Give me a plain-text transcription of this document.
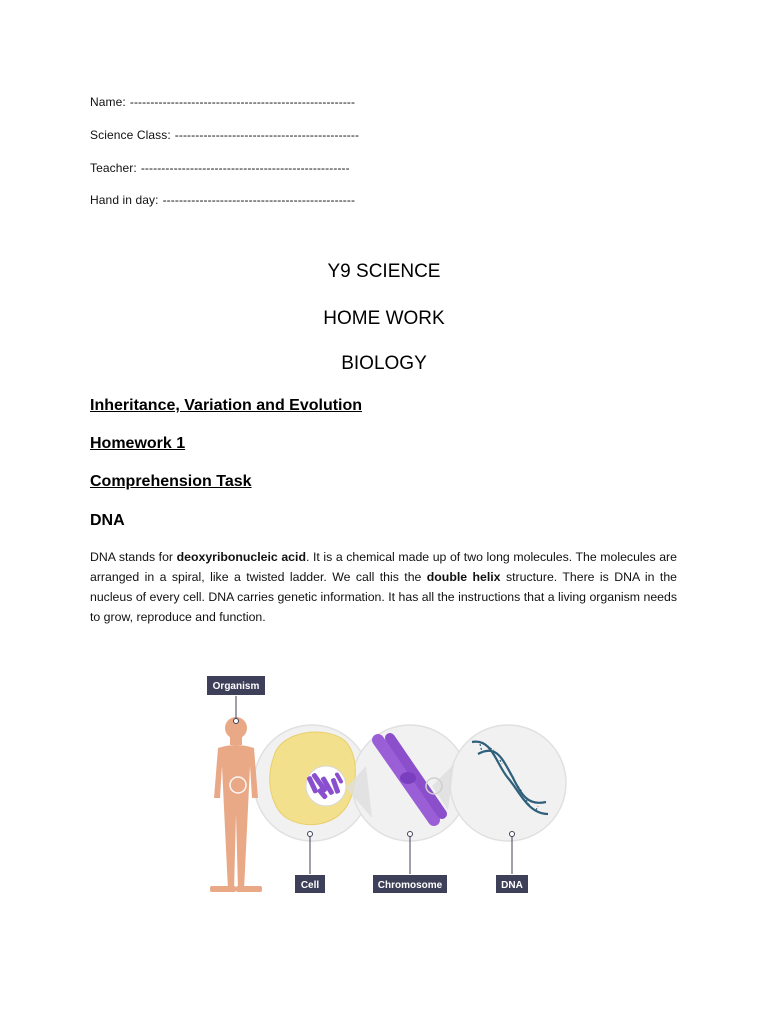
Name: -------------------------------------------------------
Science Class: ---------------------------------------------
Teacher: ---------------------------------------------------
Hand in day: -----------------------------------------------
Y9 SCIENCE
HOME WORK
BIOLOGY
Inheritance, Variation and Evolution
Homework 1
Comprehension Task
DNA
DNA stands for deoxyribonucleic acid. It is a chemical made up of two long molecules. The molecules are arranged in a spiral, like a twisted ladder. We call this the double helix structure. There is DNA in the nucleus of every cell. DNA carries genetic information. It has all the instructions that a living organism needs to grow, reproduce and function.
Organism
Cell	Chromosome	DNA
